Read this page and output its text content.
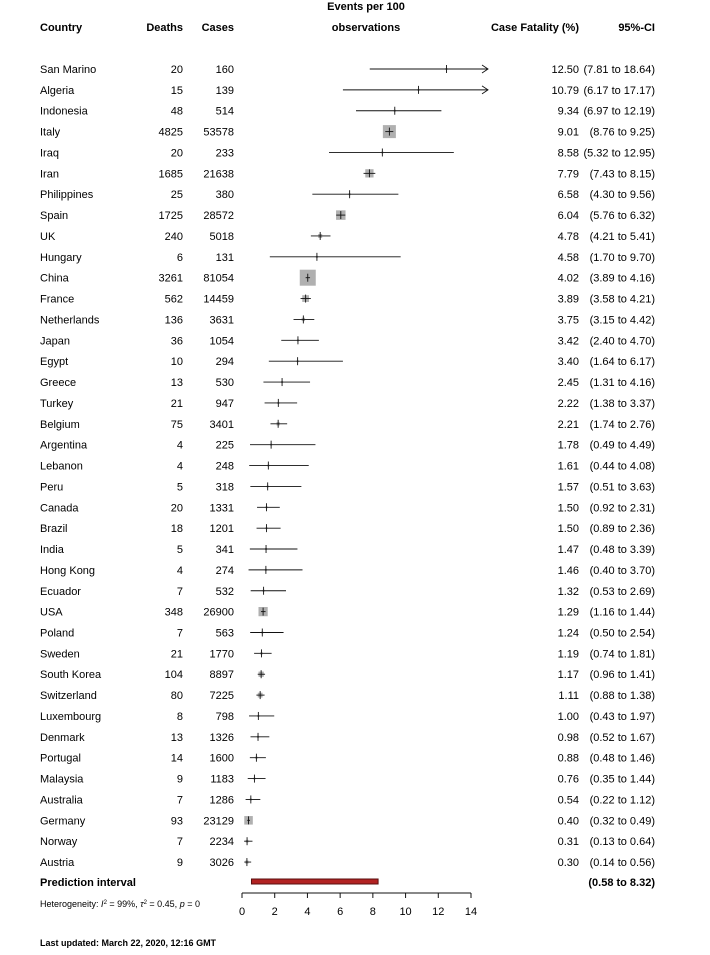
Country	Deaths Cases
Events per 100
observations	Case Fatality (%)	95%-CI
San Marino	20	160	12.50 (7.81 to 18.64)
Algeria	15	139	10.79 (6.17 to 17.17)
Indonesia	48	514	9.34 (6.97 to 12.19)
Italy	4825 53578	9.01 (8.76 to 9.25)
Iraq	20	233	8.58 (5.32 to 12.95)
Iran	1685 21638	7.79 (7.43 to 8.15)
Philippines	25	380	6.58 (4.30 to 9.56)
Spain	1725 28572	6.04 (5.76 to 6.32)
UK	240 5018	4.78 (4.21 to 5.41)
Hungary	6	131	4.58 (1.70 to 9.70)
China	3261 81054	4.02 (3.89 to 4.16)
France	562 14459	3.89 (3.58 to 4.21)
Netherlands	136 3631	3.75 (3.15 to 4.42)
Japan	36 1054	3.42 (2.40 to 4.70)
Egypt	10	294	3.40 (1.64 to 6.17)
Greece	13	530	2.45 (1.31 to 4.16)
Turkey	21	947	2.22 (1.38 to 3.37)
Belgium	75 3401	2.21 (1.74 to 2.76)
Argentina	4	225	1.78 (0.49 to 4.49)
Lebanon	4	248	1.61 (0.44 to 4.08)
Peru	5	318	1.57 (0.51 to 3.63)
Canada	20 1331	1.50 (0.92 to 2.31)
Brazil	18 1201	1.50 (0.89 to 2.36)
India	5	341	1.47 (0.48 to 3.39)
Hong Kong	4	274	1.46 (0.40 to 3.70)
Ecuador	7	532	1.32 (0.53 to 2.69)
USA	348 26900	1.29 (1.16 to 1.44)
Poland	7	563	1.24 (0.50 to 2.54)
Sweden	21 1770	1.19 (0.74 to 1.81)
South Korea	104 8897	1.17 (0.96 to 1.41)
Switzerland	80 7225	1.11 (0.88 to 1.38)
Luxembourg	8	798	1.00 (0.43 to 1.97)
Denmark	13 1326	0.98 (0.52 to 1.67)
Portugal	14 1600	0.88 (0.48 to 1.46)
Malaysia	9 1183	0.76 (0.35 to 1.44)
Australia	7 1286	0.54 (0.22 to 1.12)
Germany	93 23129	0.40 (0.32 to 0.49)
Norway	7 2234	0.31 (0.13 to 0.64)
Austria	9 3026	0.30 (0.14 to 0.56)
Prediction interval	(0.58 to 8.32)
Heterogeneity: $I^2 = 99\%$, $\tau^2 = 0.45$, p = 0
0 2 4 6 8 10 12 14
Last updated: March 22, 2020, 12:16 GMT
